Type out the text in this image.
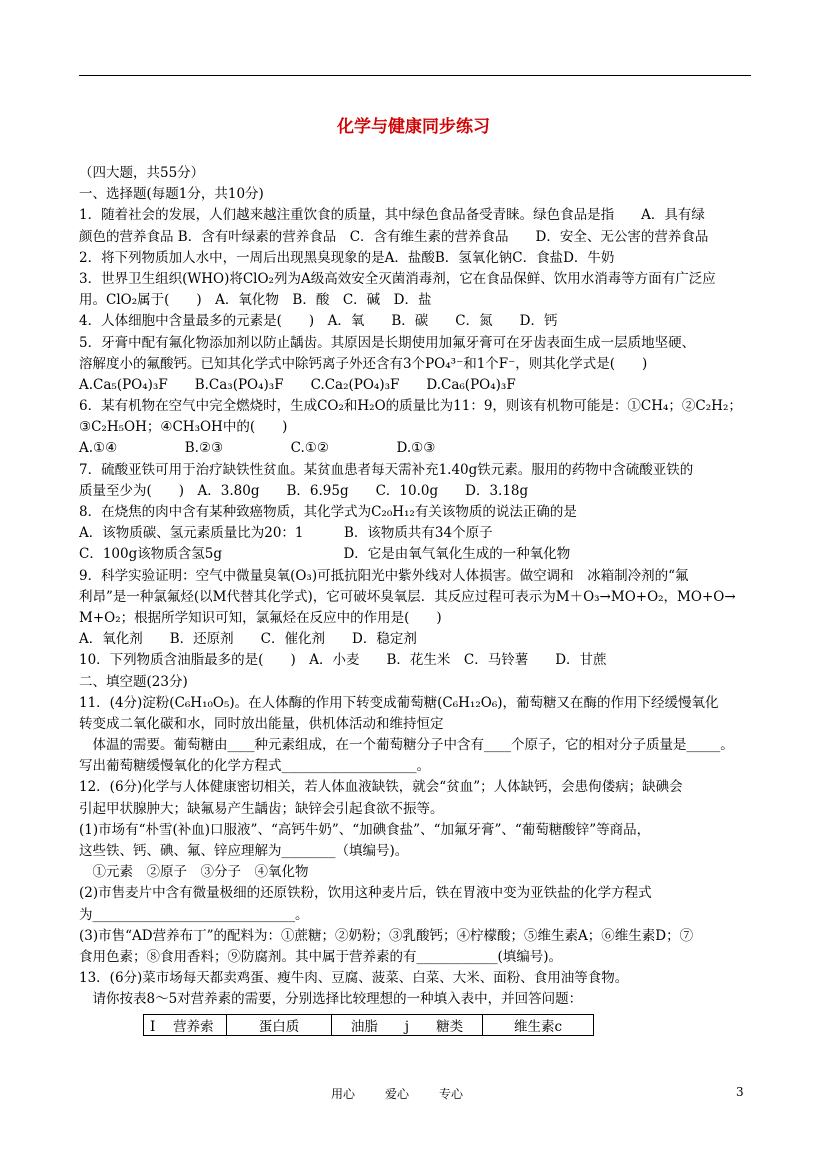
化学与健康同步练习
（四大题，共55分）
一、选择题(每题1分，共10分)
1．随着社会的发展，人们越来越注重饮食的质量，其中绿色食品备受青睐。绿色食品是指　　A．具有绿
颜色的营养食品 B．含有叶绿素的营养食品　C．含有维生素的营养食品　　D．安全、无公害的营养食品
2．将下列物质加人水中，一周后出现黑臭现象的是A．盐酸B．氢氧化钠C．食盐D．牛奶
3．世界卫生组织(WHO)将ClO₂列为A级高效安全灭菌消毒剂，它在食品保鲜、饮用水消毒等方面有广泛应
用。ClO₂属于(　　)　A．氧化物　B．酸　C．碱　D．盐
4．人体细胞中含量最多的元素是(　　)　A．氧　　B．碳　　C．氮　　D．钙
5．牙膏中配有氟化物添加剂以防止龋齿。其原因是长期使用加氟牙膏可在牙齿表面生成一层质地坚硬、
溶解度小的氟酸钙。已知其化学式中除钙离子外还含有3个PO₄³⁻和1个F⁻，则其化学式是(　　)
A.Ca₅(PO₄)₃F　　B.Ca₃(PO₄)₃F　　C.Ca₂(PO₄)₃F　　D.Ca₆(PO₄)₃F
6．某有机物在空气中完全燃烧时，生成CO₂和H₂O的质量比为11：9，则该有机物可能是：①CH₄；②C₂H₂；
③C₂H₅OH；④CH₃OH中的(　　)
A.①④　　　　　B.②③　　　　　C.①②　　　　　D.①③
7．硫酸亚铁可用于治疗缺铁性贫血。某贫血患者每天需补充1.40g铁元素。服用的药物中含硫酸亚铁的
质量至少为(　　)　A．3.80g　　B．6.95g　　C．10.0g　　D．3.18g
8．在烧焦的肉中含有某种致癌物质，其化学式为C₂₀H₁₂有关该物质的说法正确的是
A．该物质碳、氢元素质量比为20：1　　　B．该物质共有34个原子
C．100g该物质含氢5g　　　　　　　　　D．它是由氧气氧化生成的一种氧化物
9．科学实验证明：空气中微量臭氧(O₃)可抵抗阳光中紫外线对人体损害。做空调和　冰箱制冷剂的“氟
利昂”是一种氯氟烃(以M代替其化学式)，它可破坏臭氧层．其反应过程可表示为M＋O₃→MO+O₂，MO+O→
M+O₂；根据所学知识可知，氯氟烃在反应中的作用是(　　)
A．氧化剂　　B．还原剂　　C．催化剂　　D．稳定剂
10．下列物质含油脂最多的是(　　)　A．小麦　　B．花生米　C．马铃薯　　D．甘蔗
二、填空题(23分)
11．(4分)淀粉(C₆H₁₀O₅)。在人体酶的作用下转变成葡萄糖(C₆H₁₂O₆)，葡萄糖又在酶的作用下经缓慢氧化
转变成二氧化碳和水，同时放出能量，供机体活动和维持恒定
　体温的需要。葡萄糖由____种元素组成，在一个葡萄糖分子中含有____个原子，它的相对分子质量是_____。
写出葡萄糖缓慢氧化的化学方程式____________________。
12．(6分)化学与人体健康密切相关，若人体血液缺铁，就会“贫血”；人体缺钙，会患佝偻病；缺碘会
引起甲状腺肿大；缺氟易产生龋齿；缺锌会引起食欲不振等。
(1)市场有“朴雪(补血)口服液”、“高钙牛奶”、“加碘食盐”、“加氟牙膏”、“葡萄糖酸锌”等商品，
这些铁、钙、碘、氟、锌应理解为________（填编号)。
　①元素　②原子　③分子　④氧化物
(2)市售麦片中含有微量极细的还原铁粉，饮用这种麦片后，铁在胃液中变为亚铁盐的化学方程式
为______________________________。
(3)市售“AD营养布丁”的配料为：①蔗糖；②奶粉；③乳酸钙；④柠檬酸；⑤维生素A；⑥维生素D；⑦
食用色素；⑧食用香料；⑨防腐剂。其中属于营养素的有____________(填编号)。
13．(6分)菜市场每天都卖鸡蛋、瘦牛肉、豆腐、菠菜、白菜、大米、面粉、食用油等食物。
　请你按表8～5对营养素的需要，分别选择比较理想的一种填入表中，并回答问题：
I　 营养索	蛋白质	油脂　　j　　糖类	维生素c
用心	爱心	专心	3
